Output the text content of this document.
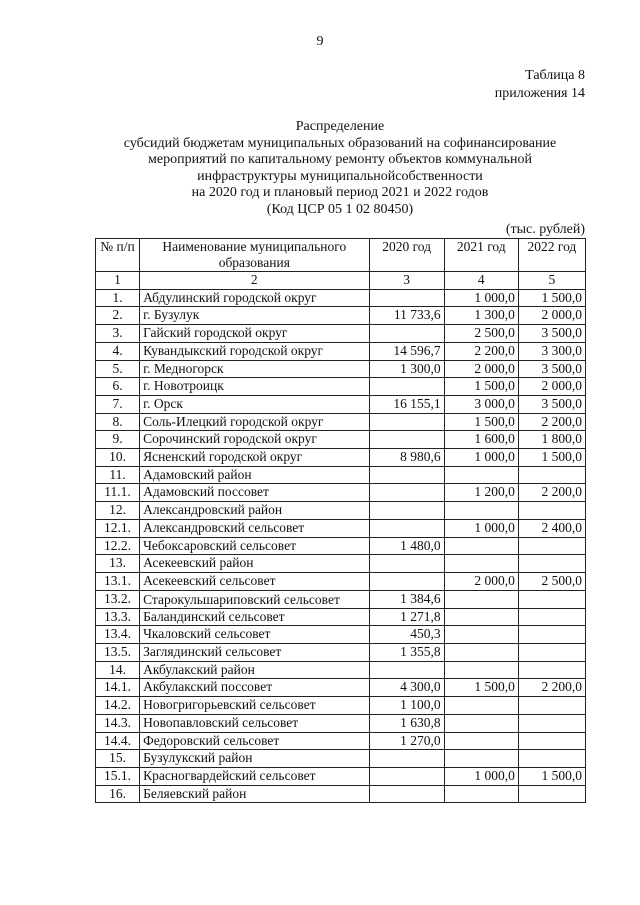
9
Таблица 8
приложения 14
Распределение
субсидий бюджетам муниципальных образований на софинансирование
мероприятий по капитальному ремонту объектов коммунальной
инфраструктуры муниципальнойсобственности
на 2020 год и плановый период 2021 и 2022 годов
(Код ЦСР 05 1 02 80450)
(тыс. рублей)
№ п/п	Наименование муниципального образования	2020 год	2021 год	2022 год
1	2	3	4	5
1.	Абдулинский городской округ		1 000,0	1 500,0
2.	г. Бузулук	11 733,6	1 300,0	2 000,0
3.	Гайский городской округ		2 500,0	3 500,0
4.	Кувандыкский городской округ	14 596,7	2 200,0	3 300,0
5.	г. Медногорск	1 300,0	2 000,0	3 500,0
6.	г. Новотроицк		1 500,0	2 000,0
7.	г. Орск	16 155,1	3 000,0	3 500,0
8.	Соль-Илецкий городской округ		1 500,0	2 200,0
9.	Сорочинский городской округ		1 600,0	1 800,0
10.	Ясненский городской округ	8 980,6	1 000,0	1 500,0
11.	Адамовский район			
11.1.	Адамовский поссовет		1 200,0	2 200,0
12.	Александровский район			
12.1.	Александровский сельсовет		1 000,0	2 400,0
12.2.	Чебоксаровский сельсовет	1 480,0		
13.	Асекеевский район			
13.1.	Асекеевский сельсовет		2 000,0	2 500,0
13.2.	Старокульшариповский сельсовет	1 384,6		
13.3.	Баландинский сельсовет	1 271,8		
13.4.	Чкаловский сельсовет	450,3		
13.5.	Заглядинский сельсовет	1 355,8		
14.	Акбулакский район			
14.1.	Акбулакский поссовет	4 300,0	1 500,0	2 200,0
14.2.	Новогригорьевский сельсовет	1 100,0		
14.3.	Новопавловский сельсовет	1 630,8		
14.4.	Федоровский сельсовет	1 270,0		
15.	Бузулукский район			
15.1.	Красногвардейский сельсовет		1 000,0	1 500,0
16.	Беляевский район			
